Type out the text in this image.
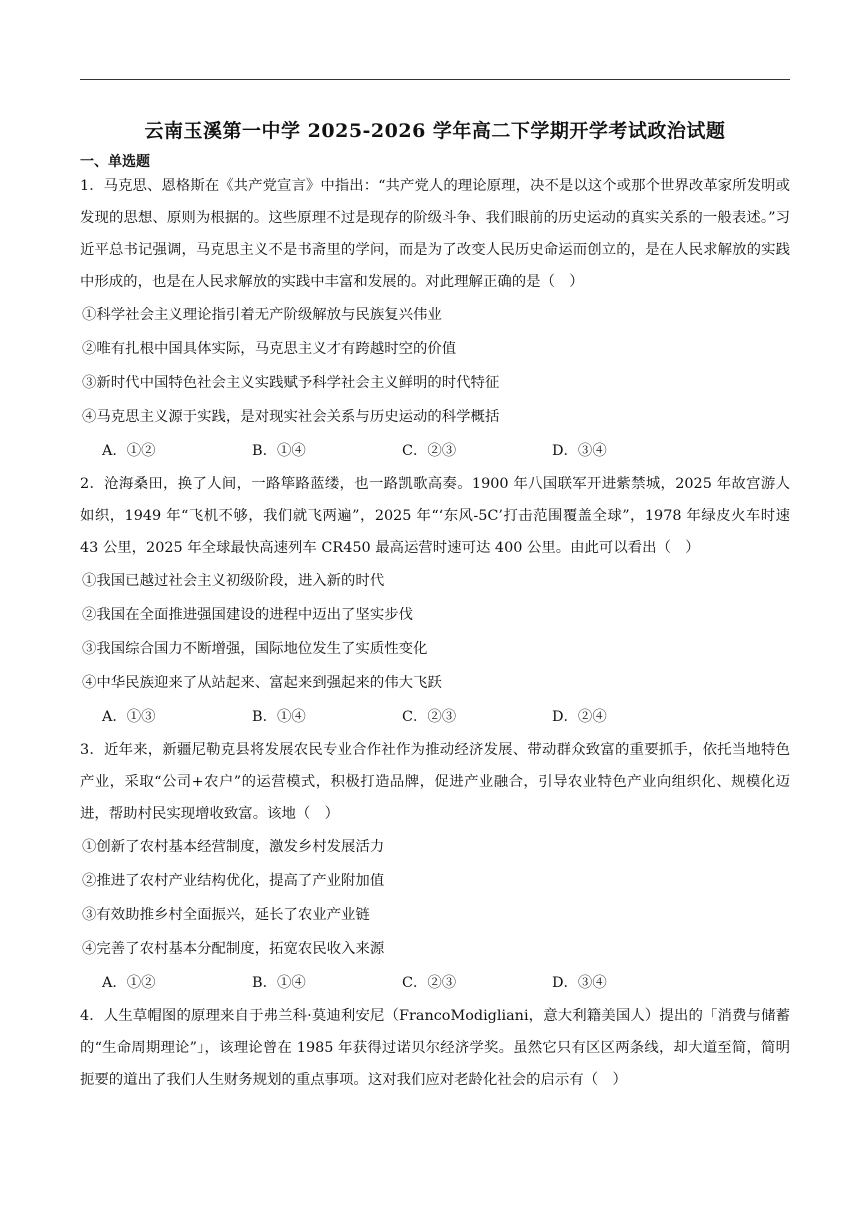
云南玉溪第一中学 2025-2026 学年高二下学期开学考试政治试题
一、单选题

1．马克思、恩格斯在《共产党宣言》中指出：“共产党人的理论原理，决不是以这个或那个世界改革家所发明或发现的思想、原则为根据的。这些原理不过是现存的阶级斗争、我们眼前的历史运动的真实关系的一般表述。”习近平总书记强调，马克思主义不是书斋里的学问，而是为了改变人民历史命运而创立的，是在人民求解放的实践中形成的，也是在人民求解放的实践中丰富和发展的。对此理解正确的是（　）

①科学社会主义理论指引着无产阶级解放与民族复兴伟业

②唯有扎根中国具体实际，马克思主义才有跨越时空的价值

③新时代中国特色社会主义实践赋予科学社会主义鲜明的时代特征

④马克思主义源于实践，是对现实社会关系与历史运动的科学概括

A．①②	B．①④	C．②③	D．③④

2．沧海桑田，换了人间，一路筚路蓝缕，也一路凯歌高奏。1900 年八国联军开进紫禁城，2025 年故宫游人如织，1949 年“飞机不够，我们就飞两遍”，2025 年“‘东风-5C’打击范围覆盖全球”，1978 年绿皮火车时速 43 公里，2025 年全球最快高速列车 CR450 最高运营时速可达 400 公里。由此可以看出（　）

①我国已越过社会主义初级阶段，进入新的时代

②我国在全面推进强国建设的进程中迈出了坚实步伐

③我国综合国力不断增强，国际地位发生了实质性变化

④中华民族迎来了从站起来、富起来到强起来的伟大飞跃

A．①③	B．①④	C．②③	D．②④

3．近年来，新疆尼勒克县将发展农民专业合作社作为推动经济发展、带动群众致富的重要抓手，依托当地特色产业，采取“公司+农户”的运营模式，积极打造品牌，促进产业融合，引导农业特色产业向组织化、规模化迈进，帮助村民实现增收致富。该地（　）

①创新了农村基本经营制度，激发乡村发展活力

②推进了农村产业结构优化，提高了产业附加值

③有效助推乡村全面振兴，延长了农业产业链

④完善了农村基本分配制度，拓宽农民收入来源

A．①②	B．①④	C．②③	D．③④

4．人生草帽图的原理来自于弗兰科·莫迪利安尼（FrancoModigliani，意大利籍美国人）提出的「消费与储蓄的“生命周期理论”」，该理论曾在 1985 年获得过诺贝尔经济学奖。虽然它只有区区两条线，却大道至简，简明扼要的道出了我们人生财务规划的重点事项。这对我们应对老龄化社会的启示有（　）
